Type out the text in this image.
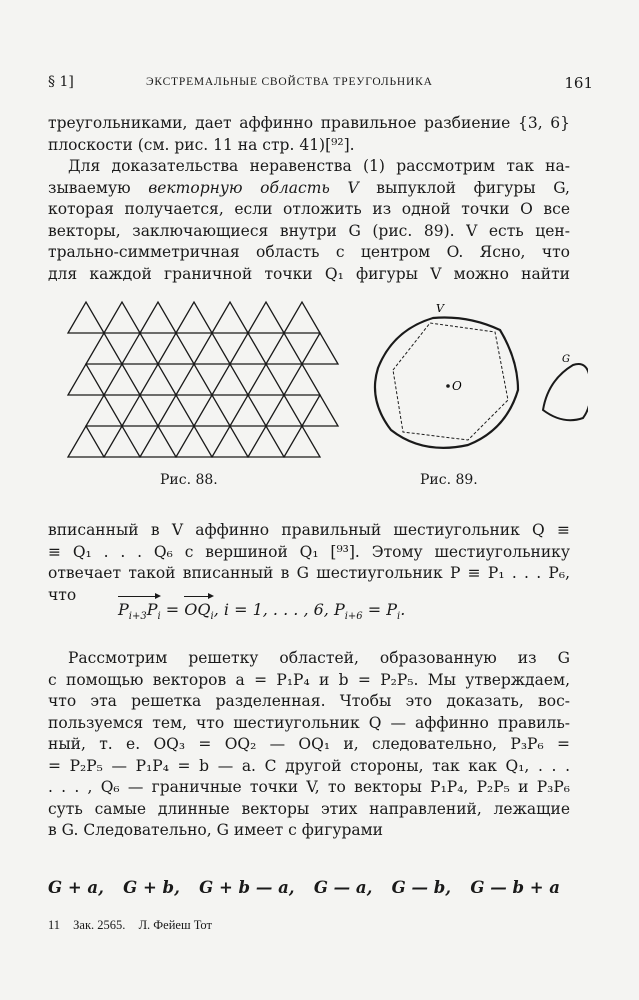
§ 1]	ЭКСТРЕМАЛЬНЫЕ СВОЙСТВА ТРЕУГОЛЬНИКА	161
треугольниками, дает аффинно правильное разбиение {3, 6}
плоскости (см. рис. 11 на стр. 41)[⁹²].
Для доказательства неравенства (1) рассмотрим так на-
зываемую векторную область V выпуклой фигуры G,
которая получается, если отложить из одной точки O все
векторы, заключающиеся внутри G (рис. 89). V есть цен-
трально-симметричная область с центром O. Ясно, что
для каждой граничной точки Q₁ фигуры V можно найти
V
O
G
Рис. 88.	Рис. 89.
вписанный в V аффинно правильный шестиугольник Q ≡
≡ Q₁ . . . Q₆ с вершиной Q₁ [⁹³]. Этому шестиугольнику
отвечает такой вписанный в G шестиугольник P ≡ P₁ . . . P₆,
что
$P_{i+3}P_i = OQ_i$, i = 1, . . . , 6, $P_{i+6} = P_i$.
Рассмотрим решетку областей, образованную из G
с помощью векторов a = P₁P₄ и b = P₂P₅. Мы утверждаем,
что эта решетка разделенная. Чтобы это доказать, вос-
пользуемся тем, что шестиугольник Q — аффинно правиль-
ный, т. е. OQ₃ = OQ₂ — OQ₁ и, следовательно, P₃P₆ =
= P₂P₅ — P₁P₄ = b — a. С другой стороны, так как Q₁, . . .
. . . , Q₆ — граничные точки V, то векторы P₁P₄, P₂P₅ и P₃P₆
суть самые длинные векторы этих направлений, лежащие
в G. Следовательно, G имеет с фигурами
G + a, G + b, G + b — a, G — a, G — b, G — b + a
11 Зак. 2565. Л. Фейеш Тот
